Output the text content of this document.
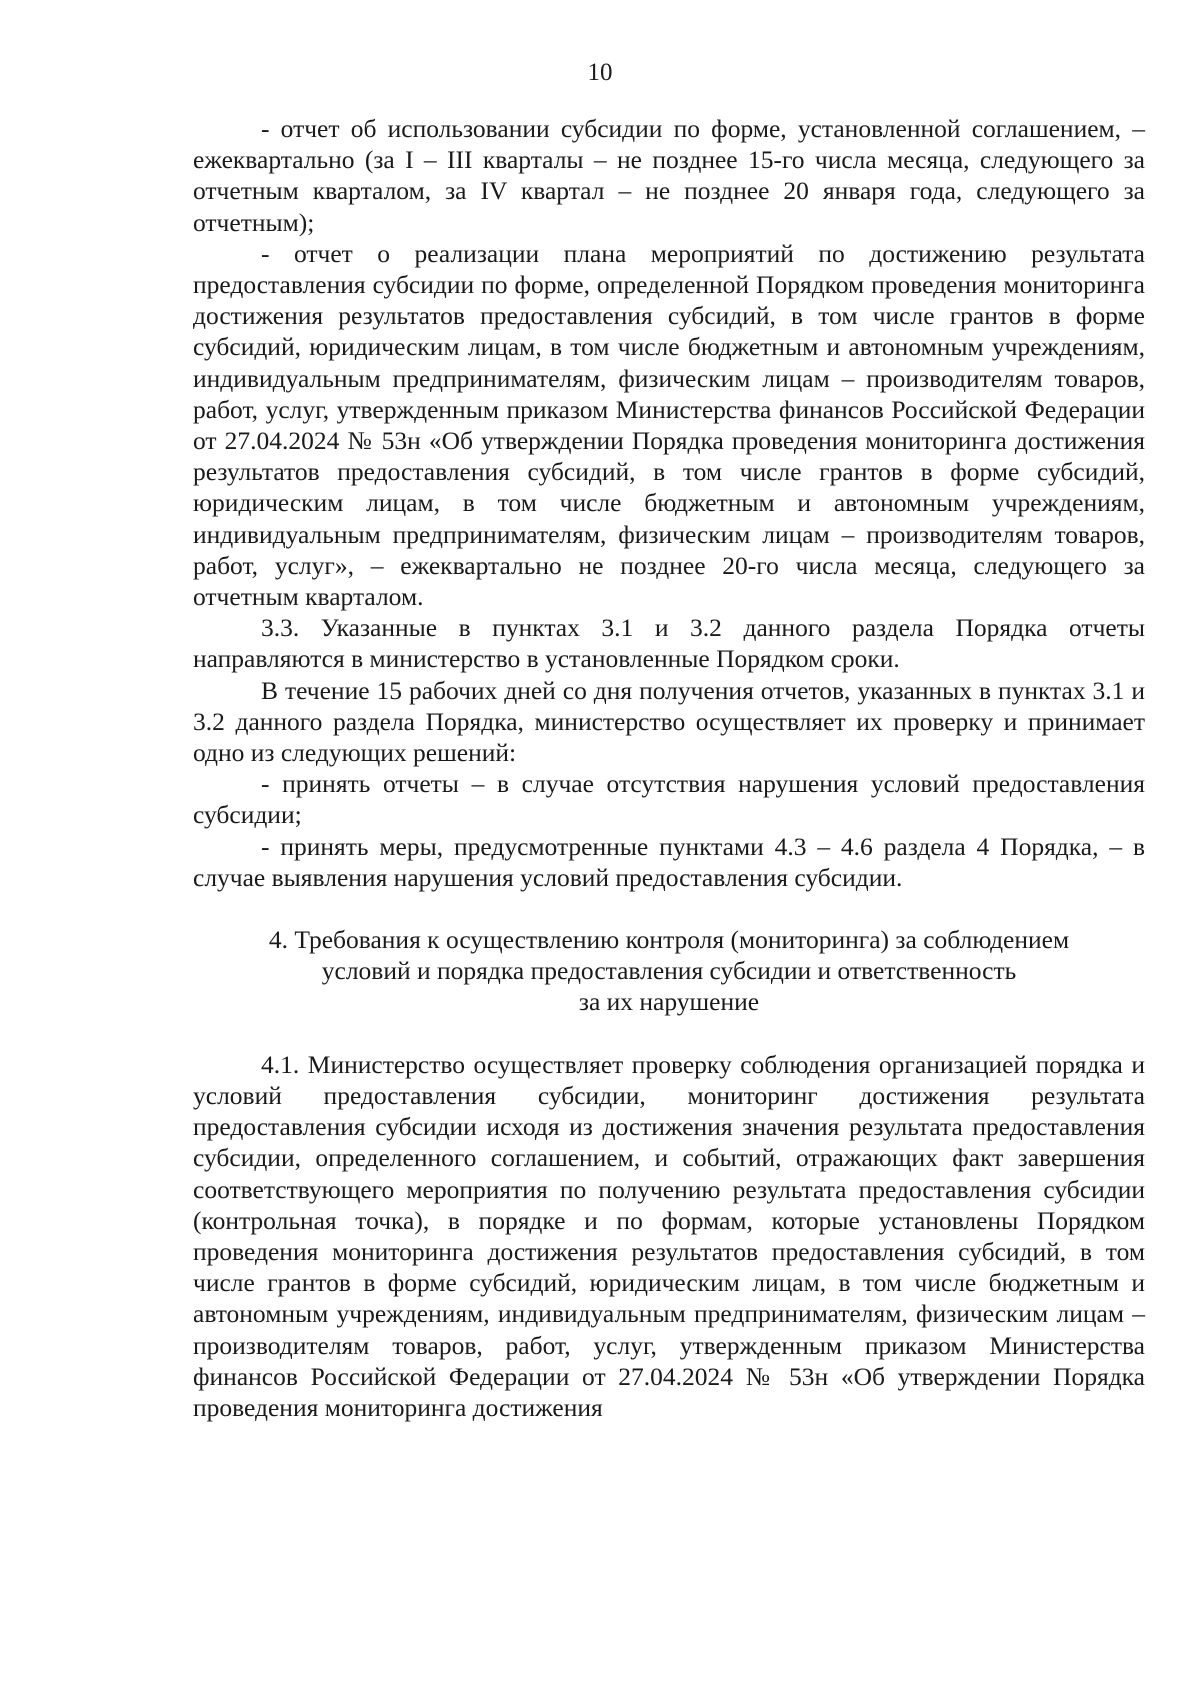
10

- отчет об использовании субсидии по форме, установленной соглашением, – ежеквартально (за I – III кварталы – не позднее 15-го числа месяца, следующего за отчетным кварталом, за IV квартал – не позднее 20 января года, следующего за отчетным);

- отчет о реализации плана мероприятий по достижению результата предоставления субсидии по форме, определенной Порядком проведения мониторинга достижения результатов предоставления субсидий, в том числе грантов в форме субсидий, юридическим лицам, в том числе бюджетным и автономным учреждениям, индивидуальным предпринимателям, физическим лицам – производителям товаров, работ, услуг, утвержденным приказом Министерства финансов Российской Федерации от 27.04.2024 № 53н «Об утверждении Порядка проведения мониторинга достижения результатов предоставления субсидий, в том числе грантов в форме субсидий, юридическим лицам, в том числе бюджетным и автономным учреждениям, индивидуальным предпринимателям, физическим лицам – производителям товаров, работ, услуг», – ежеквартально не позднее 20-го числа месяца, следующего за отчетным кварталом.

3.3. Указанные в пунктах 3.1 и 3.2 данного раздела Порядка отчеты направляются в министерство в установленные Порядком сроки.

В течение 15 рабочих дней со дня получения отчетов, указанных в пунктах 3.1 и 3.2 данного раздела Порядка, министерство осуществляет их проверку и принимает одно из следующих решений:

- принять отчеты – в случае отсутствия нарушения условий предоставления субсидии;

- принять меры, предусмотренные пунктами 4.3 – 4.6 раздела 4 Порядка, – в случае выявления нарушения условий предоставления субсидии.

4. Требования к осуществлению контроля (мониторинга) за соблюдением
условий и порядка предоставления субсидии и ответственность
за их нарушение

4.1. Министерство осуществляет проверку соблюдения организацией порядка и условий предоставления субсидии, мониторинг достижения результата предоставления субсидии исходя из достижения значения результата предоставления субсидии, определенного соглашением, и событий, отражающих факт завершения соответствующего мероприятия по получению результата предоставления субсидии (контрольная точка), в порядке и по формам, которые установлены Порядком проведения мониторинга достижения результатов предоставления субсидий, в том числе грантов в форме субсидий, юридическим лицам, в том числе бюджетным и автономным учреждениям, индивидуальным предпринимателям, физическим лицам – производителям товаров, работ, услуг, утвержденным приказом Министерства финансов Российской Федерации от 27.04.2024 № 53н «Об утверждении Порядка проведения мониторинга достижения
